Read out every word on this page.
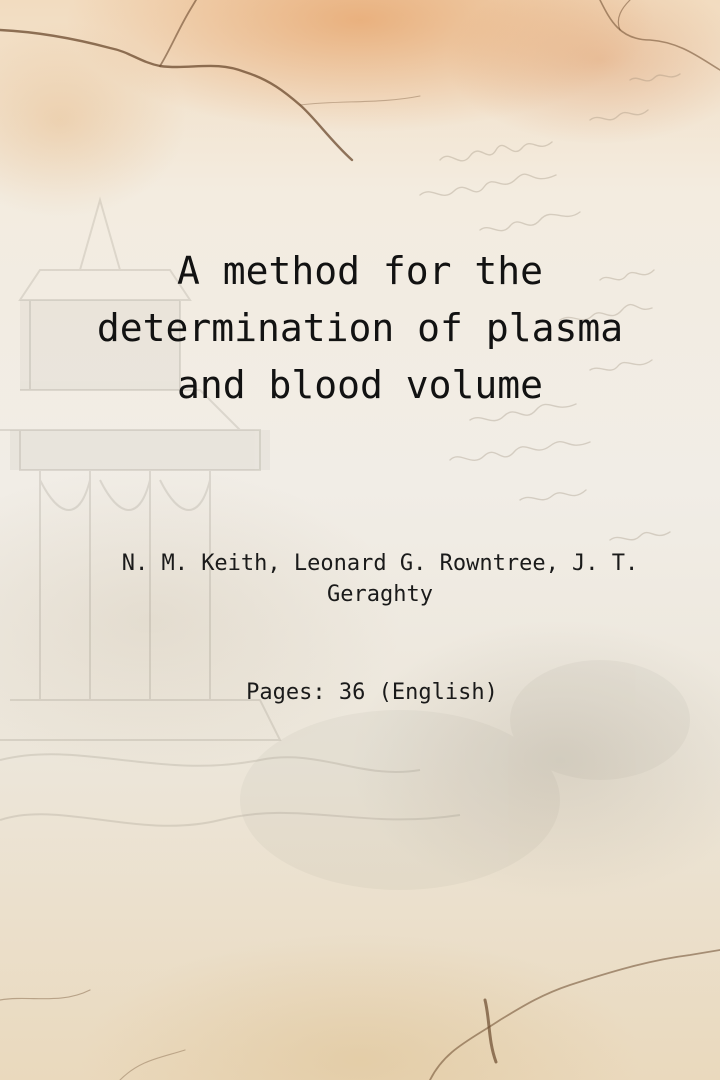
A method for the determination of plasma and blood volume
N. M. Keith, Leonard G. Rowntree, J. T. Geraghty
Pages: 36 (English)
